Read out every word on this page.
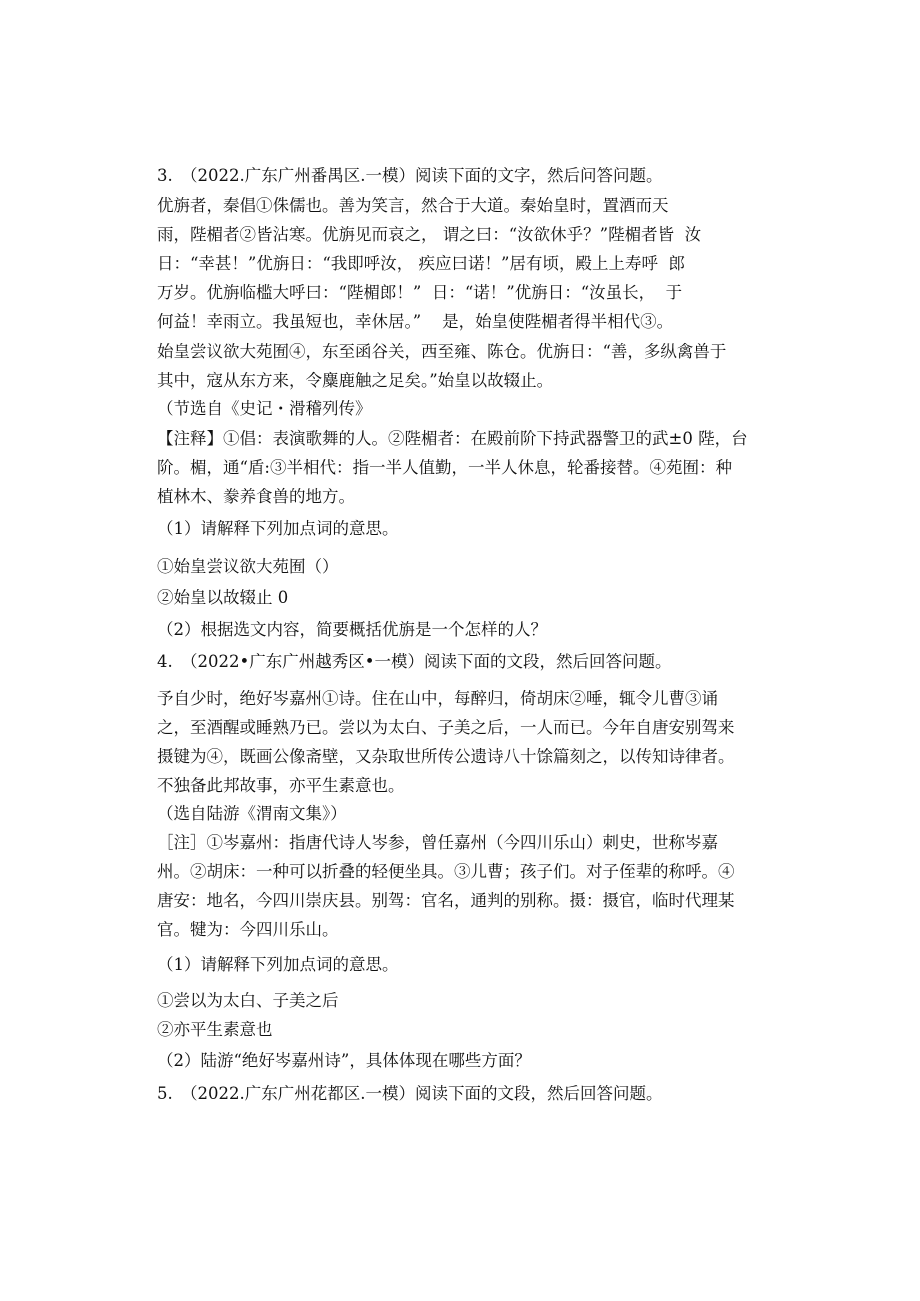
3.　（2022.广东广州番禺区.一模）阅读下面的文字，然后问答问题。
优旃者，秦倡①侏儒也。善为笑言，然合于大道。秦始皇时，置酒而天
雨，陛楣者②皆沾寒。优旃见而哀之， 谓之曰：“汝欲休乎？”陛楣者皆  汝
日：“幸甚！”优旃日：“我即呼汝， 疾应曰诺！”居有顷，殿上上寿呼  郎
万岁。优旃临槛大呼曰：“陛楣郎！”  日：“诺！”优旃日：“汝虽长，  于
何益！幸雨立。我虽短也，幸休居。”    是，始皇使陛楣者得半相代③。
始皇尝议欲大苑囿④，东至函谷关，西至雍、陈仓。优旃日：“善，多纵禽兽于
其中，寇从东方来，令麋鹿触之足矣。”始皇以故辍止。
（节选自《史记・滑稽列传》
【注释】①倡：表演歌舞的人。②陛楣者：在殿前阶下持武器警卫的武±0 陛，台
阶。楣，通“盾:③半相代：指一半人值勤，一半人休息，轮番接替。④苑囿：种
植林木、豢养食兽的地方。
（1）请解释下列加点词的意思。
①始皇尝议欲大苑囿（）
②始皇以故辍止 0
（2）根据选文内容，简要概括优旃是一个怎样的人？
4.　（2022•广东广州越秀区•一模）阅读下面的文段，然后回答问题。
予自少时，绝好岑嘉州①诗。住在山中，每醉归，倚胡床②唾，辄令儿曹③诵
之，至酒醒或睡熟乃已。尝以为太白、子美之后，一人而已。今年自唐安别驾来
摄键为④，既画公像斋壁，又杂取世所传公遗诗八十馀篇刻之，以传知诗律者。
不独备此邦故事，亦平生素意也。
（选自陆游《渭南文集》）
［注］①岑嘉州：指唐代诗人岑参，曾任嘉州（今四川乐山）刺史，世称岑嘉
州。②胡床：一种可以折叠的轻便坐具。③儿曹；孩子们。对子侄辈的称呼。④
唐安：地名，今四川崇庆县。别驾：官名，通判的别称。摄：摄官，临时代理某
官。犍为：今四川乐山。
（1）请解释下列加点词的意思。
①尝以为太白、子美之后
②亦平生素意也
（2）陆游“绝好岑嘉州诗”，具体体现在哪些方面？
5.　（2022.广东广州花都区.一模）阅读下面的文段，然后回答问题。
